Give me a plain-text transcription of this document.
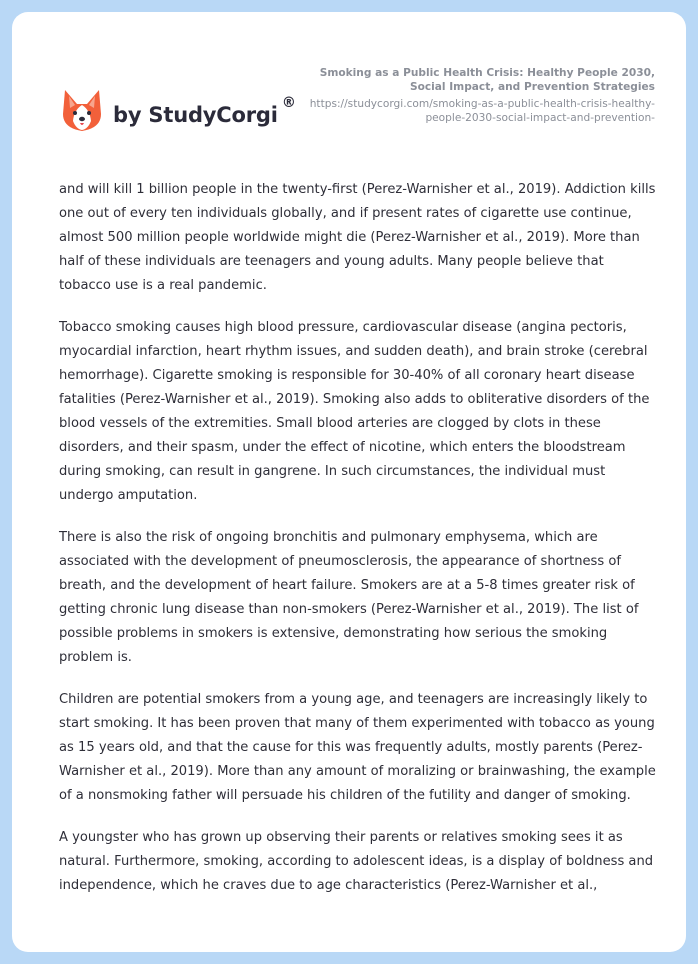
by StudyCorgi ®
Smoking as a Public Health Crisis: Healthy People 2030, Social Impact, and Prevention Strategies
https://studycorgi.com/smoking-as-a-public-health-crisis-healthy-people-2030-social-impact-and-prevention-

and will kill 1 billion people in the twenty-first (Perez-Warnisher et al., 2019). Addiction kills one out of every ten individuals globally, and if present rates of cigarette use continue, almost 500 million people worldwide might die (Perez-Warnisher et al., 2019). More than half of these individuals are teenagers and young adults. Many people believe that tobacco use is a real pandemic.

Tobacco smoking causes high blood pressure, cardiovascular disease (angina pectoris, myocardial infarction, heart rhythm issues, and sudden death), and brain stroke (cerebral hemorrhage). Cigarette smoking is responsible for 30-40% of all coronary heart disease fatalities (Perez-Warnisher et al., 2019). Smoking also adds to obliterative disorders of the blood vessels of the extremities. Small blood arteries are clogged by clots in these disorders, and their spasm, under the effect of nicotine, which enters the bloodstream during smoking, can result in gangrene. In such circumstances, the individual must undergo amputation.

There is also the risk of ongoing bronchitis and pulmonary emphysema, which are associated with the development of pneumosclerosis, the appearance of shortness of breath, and the development of heart failure. Smokers are at a 5-8 times greater risk of getting chronic lung disease than non-smokers (Perez-Warnisher et al., 2019). The list of possible problems in smokers is extensive, demonstrating how serious the smoking problem is.

Children are potential smokers from a young age, and teenagers are increasingly likely to start smoking. It has been proven that many of them experimented with tobacco as young as 15 years old, and that the cause for this was frequently adults, mostly parents (Perez-Warnisher et al., 2019). More than any amount of moralizing or brainwashing, the example of a nonsmoking father will persuade his children of the futility and danger of smoking.

A youngster who has grown up observing their parents or relatives smoking sees it as natural. Furthermore, smoking, according to adolescent ideas, is a display of boldness and independence, which he craves due to age characteristics (Perez-Warnisher et al.,
